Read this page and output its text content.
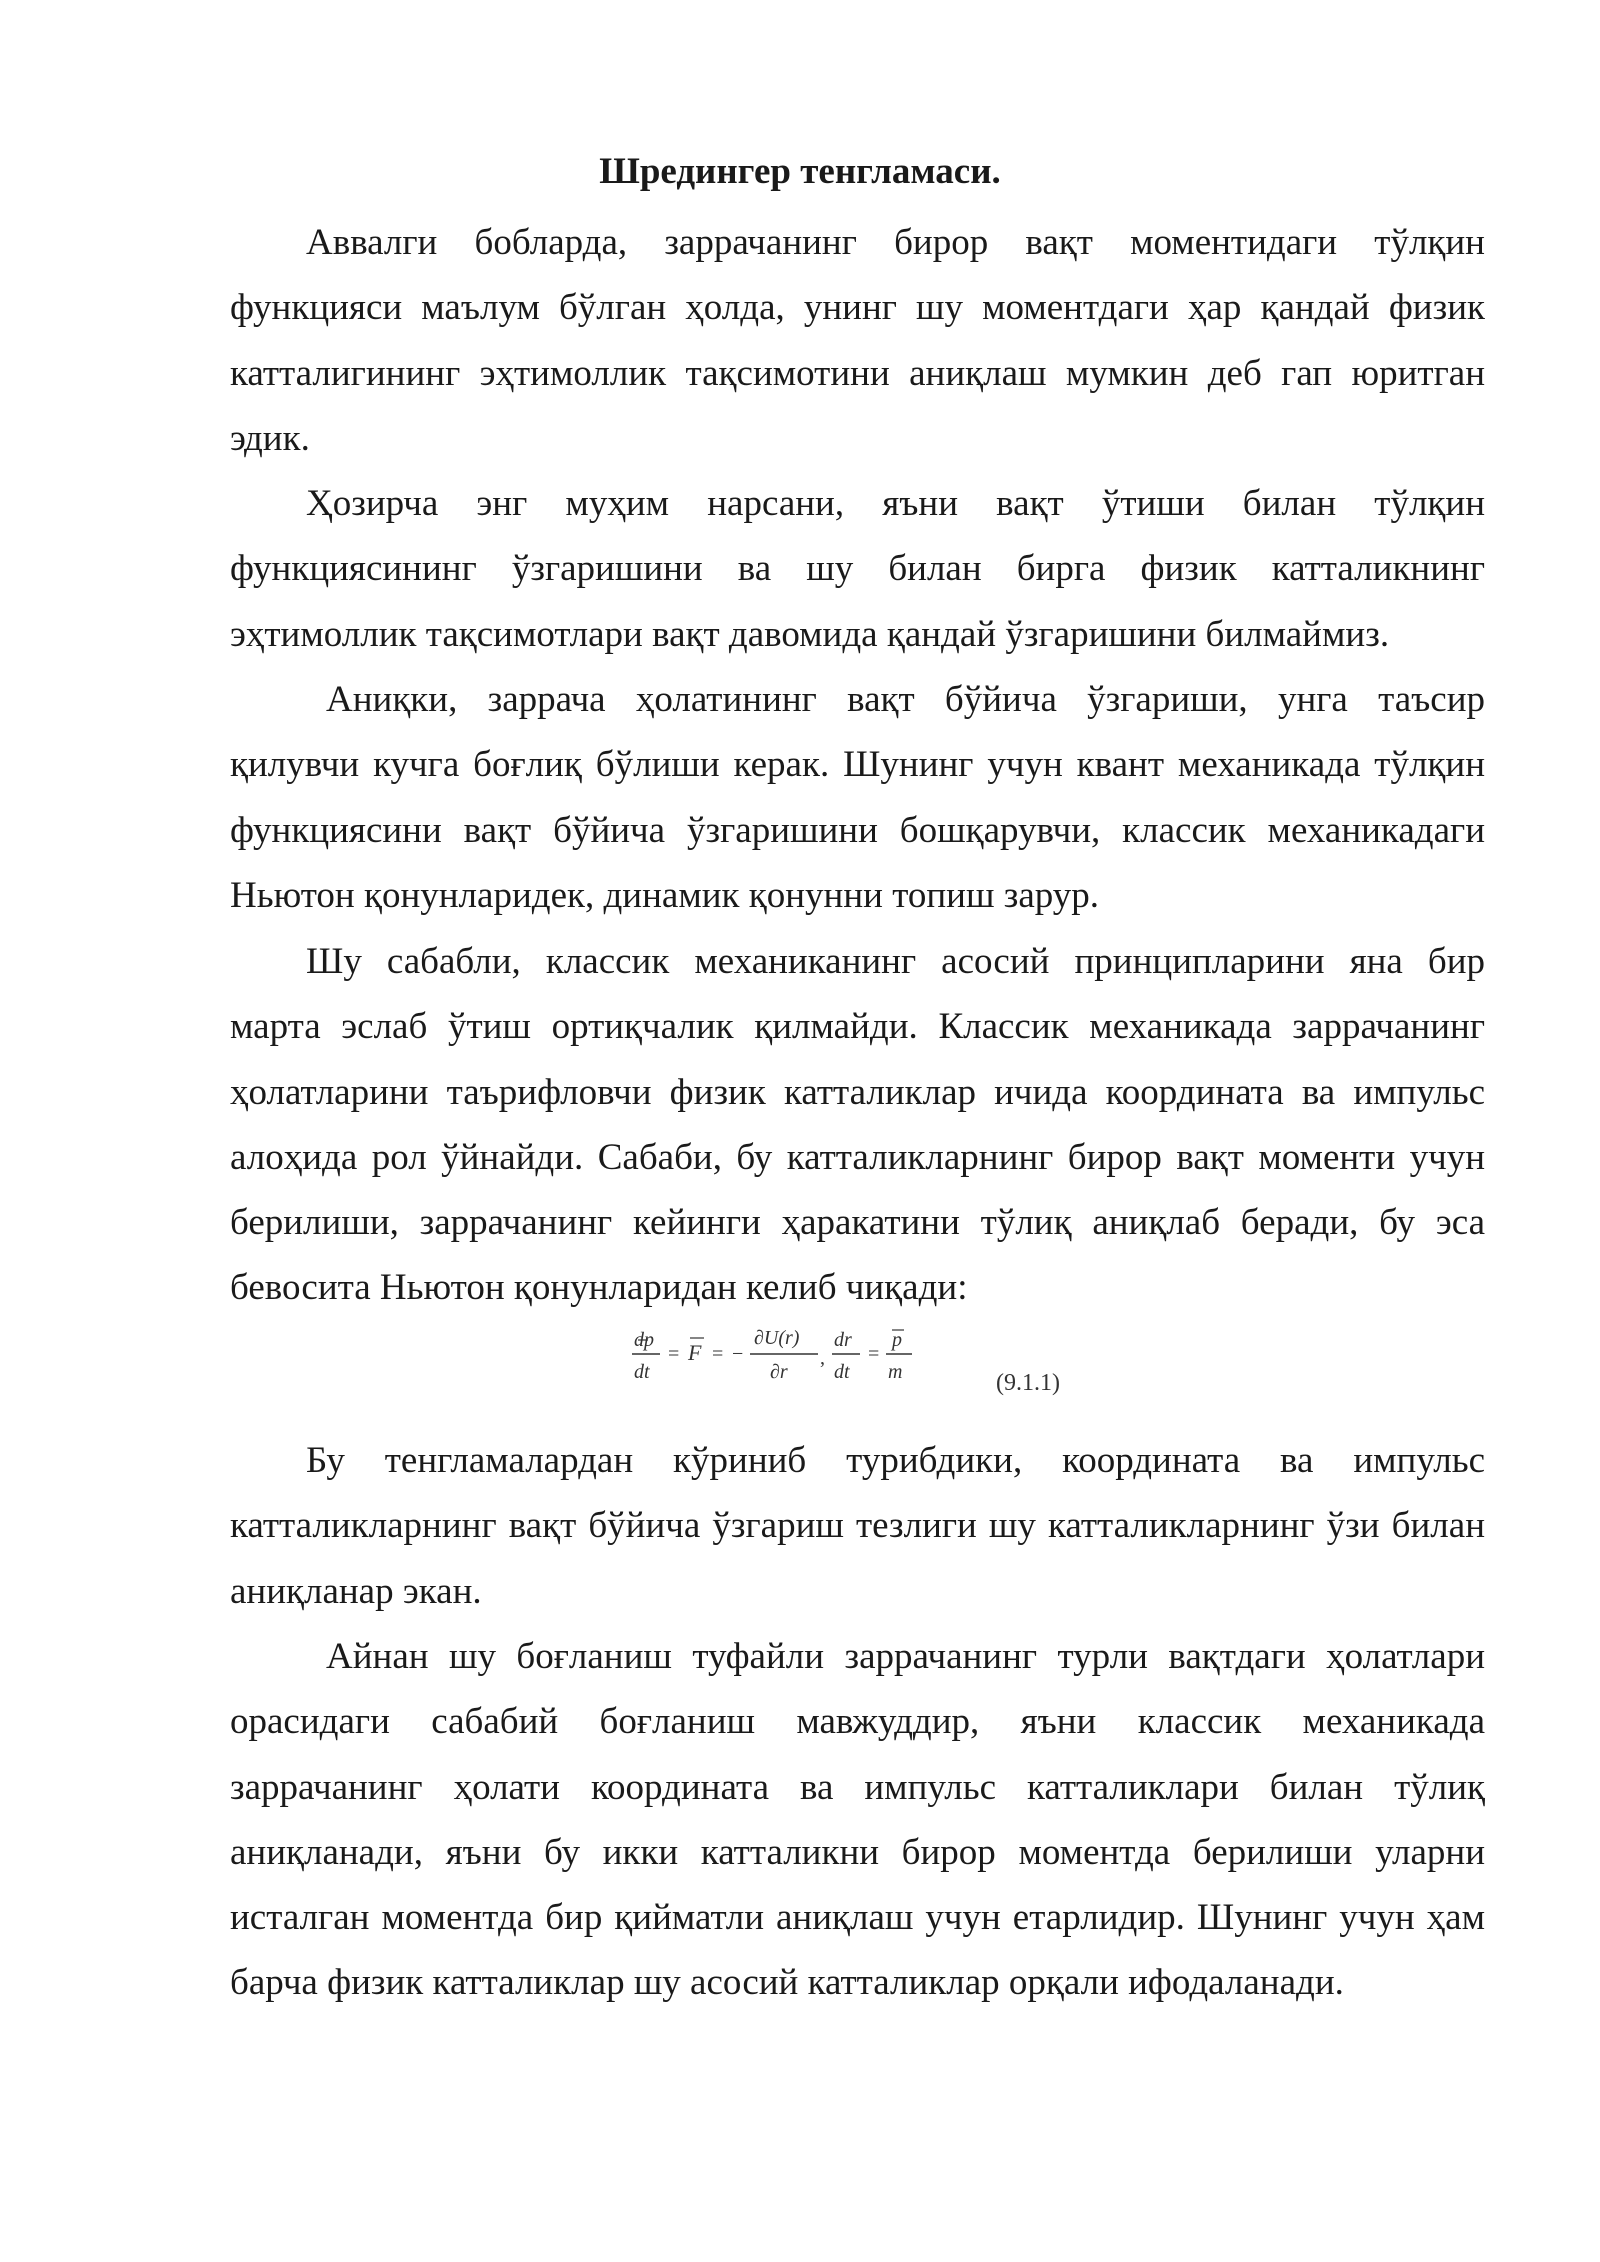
Шредингер тенгламаси.
Аввалги бобларда, заррачанинг бирор вақт моментидаги тўлқин
функцияси маълум бўлган ҳолда, унинг шу моментдаги ҳар қандай физик
катталигининг эҳтимоллик тақсимотини аниқлаш мумкин деб гап юритган
эдик.
Ҳозирча энг муҳим нарсани, яъни вақт ўтиши билан тўлқин
функциясининг ўзгаришини ва шу билан бирга физик катталикнинг
эҳтимоллик тақсимотлари вақт давомида қандай ўзгаришини билмаймиз.
Аниқки, заррача ҳолатининг вақт бўйича ўзгариши, унга таъсир
қилувчи кучга боғлиқ бўлиши керак. Шунинг учун квант механикада тўлқин
функциясини вақт бўйича ўзгаришини бошқарувчи, классик механикадаги
Ньютон қонунларидек, динамик қонунни топиш зарур.
Шу сабабли, классик механиканинг асосий принципларини яна бир
марта эслаб ўтиш ортиқчалик қилмайди. Классик механикада заррачанинг
ҳолатларини таърифловчи физик катталиклар ичида координата ва импульс
алоҳида рол ўйнайди. Сабаби, бу катталикларнинг бирор вақт моменти учун
берилиши, заррачанинг кейинги ҳаракатини тўлиқ аниқлаб беради, бу эса
бевосита Ньютон қонунларидан келиб чиқади:
dp
dt
= F = −
∂U(r)
∂r
,
dr
dt
=
p
m	(9.1.1)
Бу тенгламалардан кўриниб турибдики, координата ва импульс
катталикларнинг вақт бўйича ўзгариш тезлиги шу катталикларнинг ўзи билан
аниқланар экан.
Айнан шу боғланиш туфайли заррачанинг турли вақтдаги ҳолатлари
орасидаги сабабий боғланиш мавжуддир, яъни классик механикада
заррачанинг ҳолати координата ва импульс катталиклари билан тўлиқ
аниқланади, яъни бу икки катталикни бирор моментда берилиши уларни
исталган моментда бир қийматли аниқлаш учун етарлидир. Шунинг учун ҳам
барча физик катталиклар шу асосий катталиклар орқали ифодаланади.
